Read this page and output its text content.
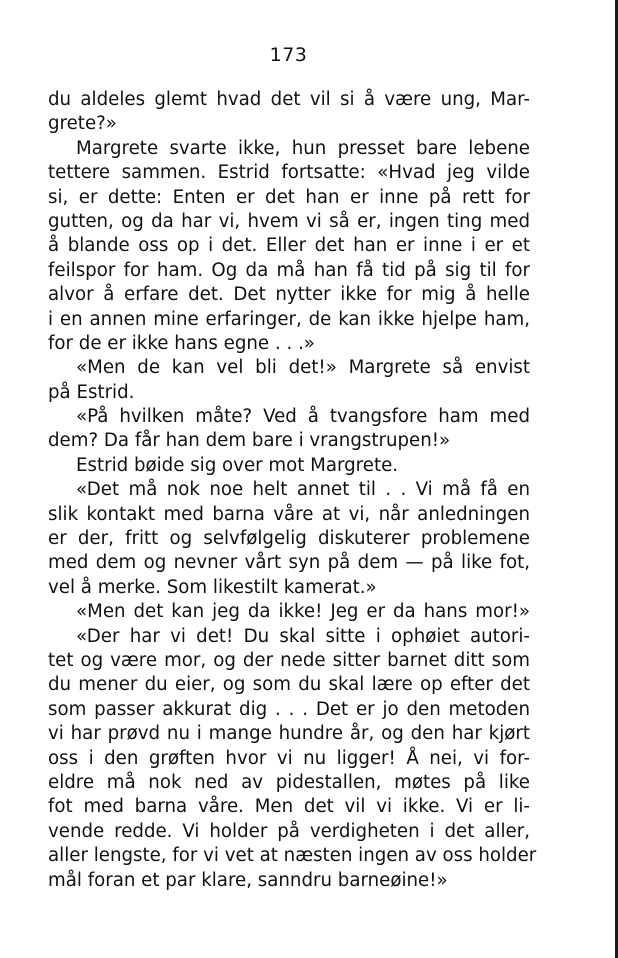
173
du aldeles glemt hvad det vil si å være ung, Mar-
grete?»
Margrete svarte ikke, hun presset bare lebene
tettere sammen. Estrid fortsatte: «Hvad jeg vilde
si, er dette: Enten er det han er inne på rett for
gutten, og da har vi, hvem vi så er, ingen ting med
å blande oss op i det. Eller det han er inne i er et
feilspor for ham. Og da må han få tid på sig til for
alvor å erfare det. Det nytter ikke for mig å helle
i en annen mine erfaringer, de kan ikke hjelpe ham,
for de er ikke hans egne . . .»
«Men de kan vel bli det!» Margrete så envist
på Estrid.
«På hvilken måte? Ved å tvangsfore ham med
dem? Da får han dem bare i vrangstrupen!»
Estrid bøide sig over mot Margrete.
«Det må nok noe helt annet til . . Vi må få en
slik kontakt med barna våre at vi, når anledningen
er der, fritt og selvfølgelig diskuterer problemene
med dem og nevner vårt syn på dem — på like fot,
vel å merke. Som likestilt kamerat.»
«Men det kan jeg da ikke! Jeg er da hans mor!»
«Der har vi det! Du skal sitte i ophøiet autori-
tet og være mor, og der nede sitter barnet ditt som
du mener du eier, og som du skal lære op efter det
som passer akkurat dig . . . Det er jo den metoden
vi har prøvd nu i mange hundre år, og den har kjørt
oss i den grøften hvor vi nu ligger! Å nei, vi for-
eldre må nok ned av pidestallen, møtes på like
fot med barna våre. Men det vil vi ikke. Vi er li-
vende redde. Vi holder på verdigheten i det aller,
aller lengste, for vi vet at næsten ingen av oss holder
mål foran et par klare, sanndru barneøine!»
